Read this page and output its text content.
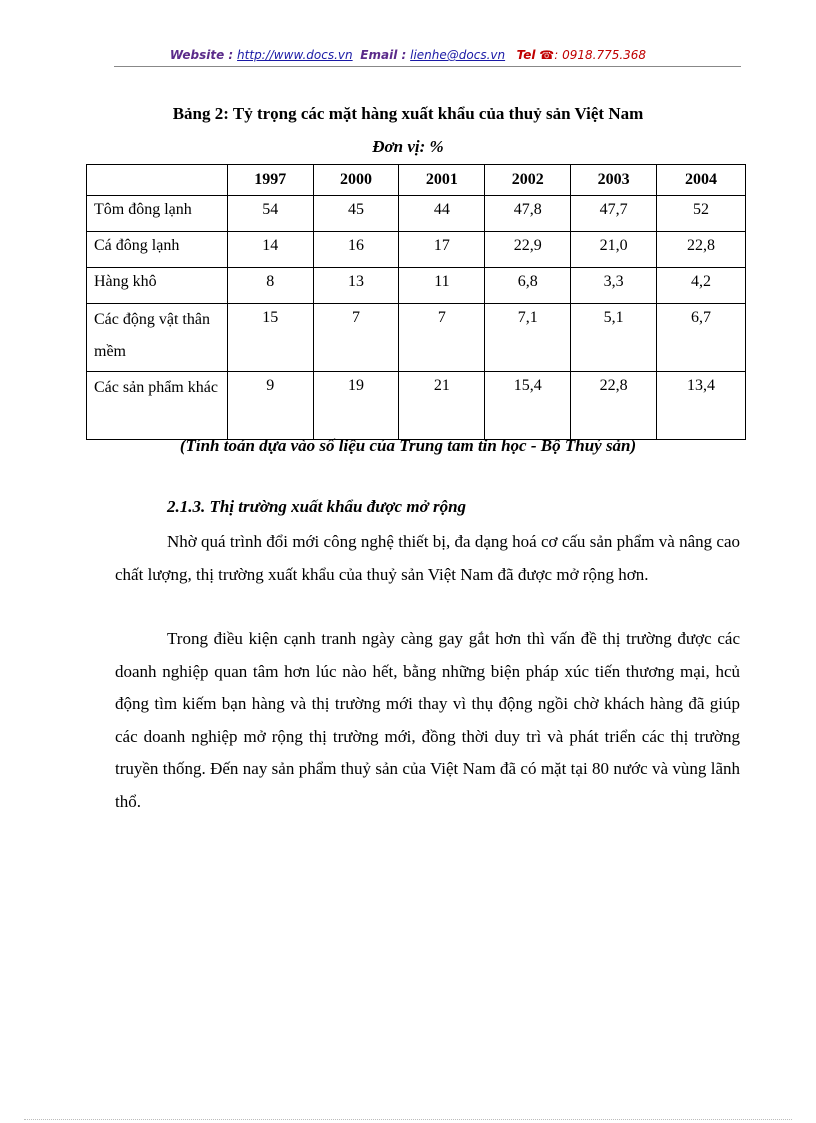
Website : http://www.docs.vn Email : lienhe@docs.vn Tel ☎: 0918.775.368
Bảng 2: Tỷ trọng các mặt hàng xuất khẩu của thuỷ sản Việt Nam
Đơn vị: %
	1997	2000	2001	2002	2003	2004
Tôm đông lạnh	54	45	44	47,8	47,7	52
Cá đông lạnh	14	16	17	22,9	21,0	22,8
Hàng khô	8	13	11	6,8	3,3	4,2
Các động vật thân mềm	15	7	7	7,1	5,1	6,7
Các sản phẩm khác	9	19	21	15,4	22,8	13,4
(Tính toán dựa vào số liệu của Trung tam tin học - Bộ Thuỷ sản)
2.1.3. Thị trường xuất khẩu được mở rộng

Nhờ quá trình đổi mới công nghệ thiết bị, đa dạng hoá cơ cấu sản phẩm và nâng cao chất lượng, thị trường xuất khẩu của thuỷ sản Việt Nam đã được mở rộng hơn.

Trong điều kiện cạnh tranh ngày càng gay gắt hơn thì vấn đề thị trường được các doanh nghiệp quan tâm hơn lúc nào hết, bằng những biện pháp xúc tiến thương mại, hcủ động tìm kiếm bạn hàng và thị trường mới thay vì thụ động ngồi chờ khách hàng đã giúp các doanh nghiệp mở rộng thị trường mới, đồng thời duy trì và phát triển các thị trường truyền thống. Đến nay sản phẩm thuỷ sản của Việt Nam đã có mặt tại 80 nước và vùng lãnh thổ.
